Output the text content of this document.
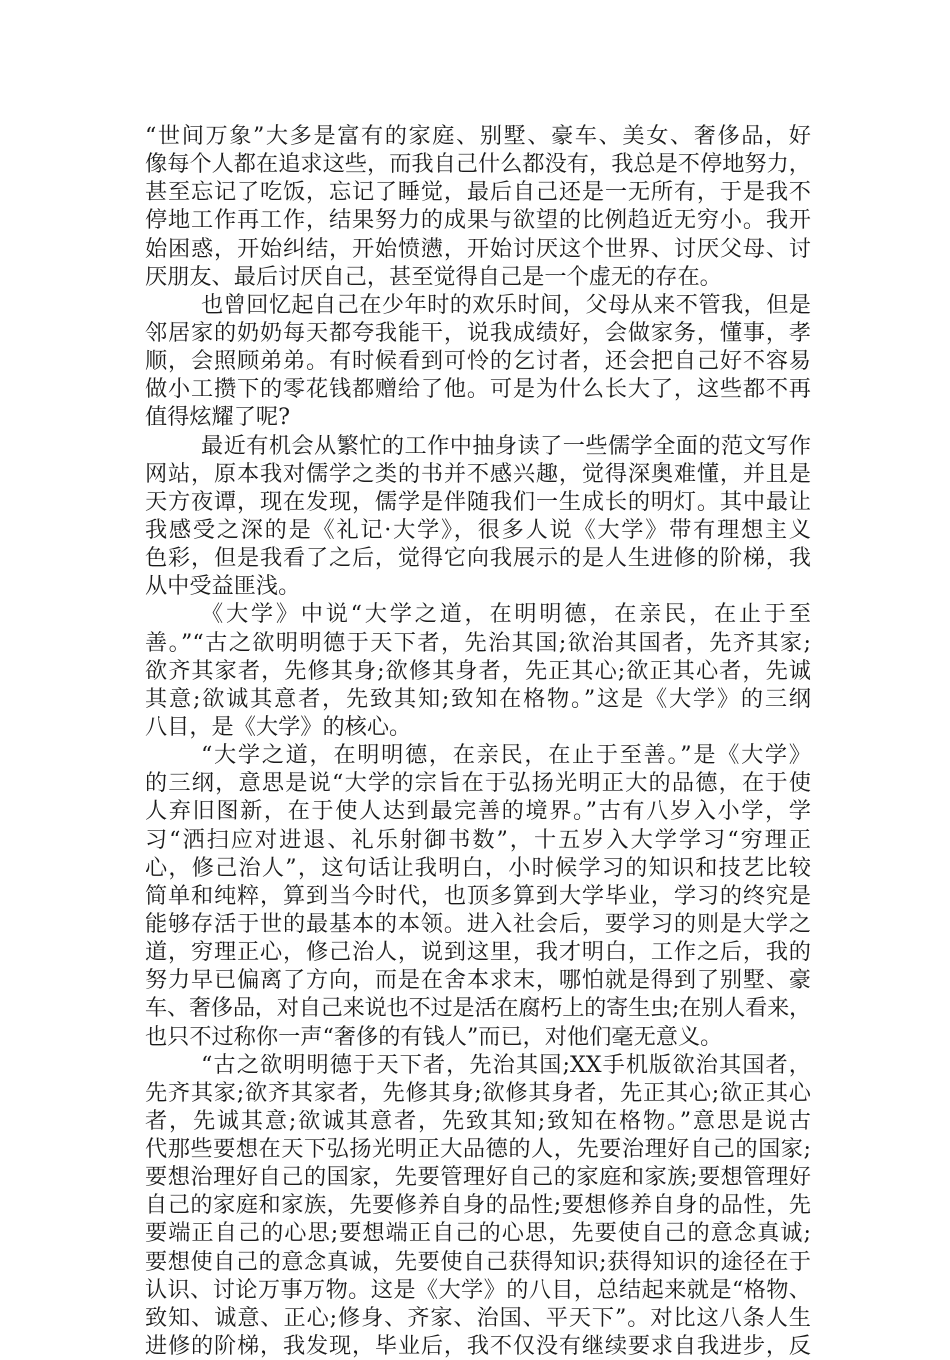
“世间万象”大多是富有的家庭、别墅、豪车、美女、奢侈品，好
像每个人都在追求这些，而我自己什么都没有，我总是不停地努力，
甚至忘记了吃饭，忘记了睡觉，最后自己还是一无所有，于是我不
停地工作再工作，结果努力的成果与欲望的比例趋近无穷小。我开
始困惑，开始纠结，开始愤懑，开始讨厌这个世界、讨厌父母、讨
厌朋友、最后讨厌自己，甚至觉得自己是一个虚无的存在。
也曾回忆起自己在少年时的欢乐时间，父母从来不管我，但是
邻居家的奶奶每天都夸我能干，说我成绩好，会做家务，懂事，孝
顺，会照顾弟弟。有时候看到可怜的乞讨者，还会把自己好不容易
做小工攒下的零花钱都赠给了他。可是为什么长大了，这些都不再
值得炫耀了呢?
最近有机会从繁忙的工作中抽身读了一些儒学全面的范文写作
网站，原本我对儒学之类的书并不感兴趣，觉得深奥难懂，并且是
天方夜谭，现在发现，儒学是伴随我们一生成长的明灯。其中最让
我感受之深的是《礼记·大学》，很多人说《大学》带有理想主义
色彩，但是我看了之后，觉得它向我展示的是人生进修的阶梯，我
从中受益匪浅。
《大学》中说“大学之道，在明明德，在亲民，在止于至
善。”“古之欲明明德于天下者，先治其国;欲治其国者，先齐其家;
欲齐其家者，先修其身;欲修其身者，先正其心;欲正其心者，先诚
其意;欲诚其意者，先致其知;致知在格物。”这是《大学》的三纲
八目，是《大学》的核心。
“大学之道，在明明德，在亲民，在止于至善。”是《大学》
的三纲，意思是说“大学的宗旨在于弘扬光明正大的品德，在于使
人弃旧图新，在于使人达到最完善的境界。”古有八岁入小学，学
习“洒扫应对进退、礼乐射御书数”，十五岁入大学学习“穷理正
心，修己治人”，这句话让我明白，小时候学习的知识和技艺比较
简单和纯粹，算到当今时代，也顶多算到大学毕业，学习的终究是
能够存活于世的最基本的本领。进入社会后，要学习的则是大学之
道，穷理正心，修己治人，说到这里，我才明白，工作之后，我的
努力早已偏离了方向，而是在舍本求末，哪怕就是得到了别墅、豪
车、奢侈品，对自己来说也不过是活在腐朽上的寄生虫;在别人看来，
也只不过称你一声“奢侈的有钱人”而已，对他们毫无意义。
“古之欲明明德于天下者，先治其国;XX手机版欲治其国者，
先齐其家;欲齐其家者，先修其身;欲修其身者，先正其心;欲正其心
者，先诚其意;欲诚其意者，先致其知;致知在格物。”意思是说古
代那些要想在天下弘扬光明正大品德的人，先要治理好自己的国家;
要想治理好自己的国家，先要管理好自己的家庭和家族;要想管理好
自己的家庭和家族，先要修养自身的品性;要想修养自身的品性，先
要端正自己的心思;要想端正自己的心思，先要使自己的意念真诚;
要想使自己的意念真诚，先要使自己获得知识;获得知识的途径在于
认识、讨论万事万物。这是《大学》的八目，总结起来就是“格物、
致知、诚意、正心;修身、齐家、治国、平天下”。对比这八条人生
进修的阶梯，我发现，毕业后，我不仅没有继续要求自我进步，反
